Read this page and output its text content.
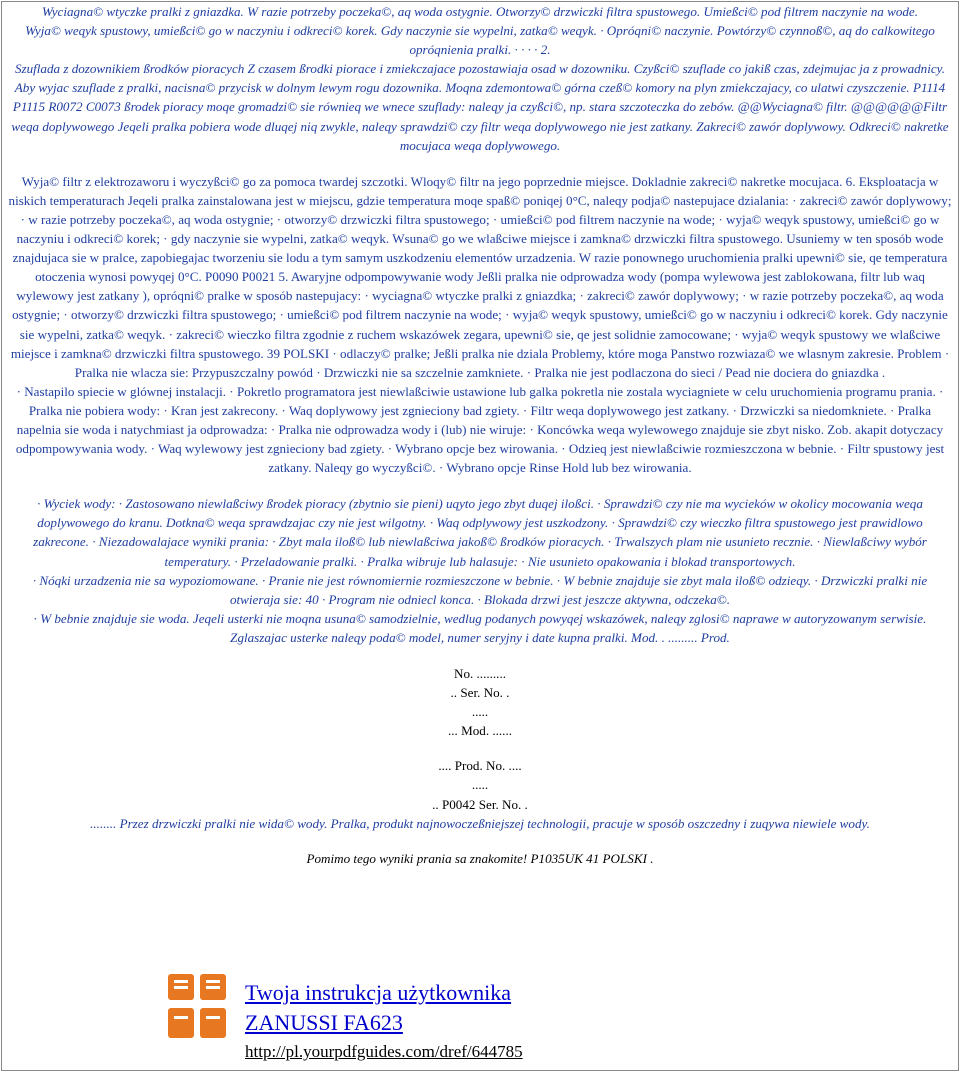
Wyciagna© wtyczke pralki z gniazdka. W razie potrzeby poczeka©, aq woda ostygnie. Otworzy© drzwiczki filtra spustowego. Umießci© pod filtrem naczynie na wode.

Wyja© weqyk spustowy, umießci© go w naczyniu i odkreci© korek. Gdy naczynie sie wypelni, zatka© weqyk. · Opróqni© naczynie. Powtórzy© czynnoß©, aq do calkowitego opróqnienia pralki. · · · · 2.

Szuflada z dozownikiem ßrodków pioracych Z czasem ßrodki piorace i zmiekczajace pozostawiaja osad w dozowniku. Czyßci© szuflade co jakiß czas, zdejmujac ja z prowadnicy. Aby wyjac szuflade z pralki, nacisna© przycisk w dolnym lewym rogu dozownika. Moqna zdemontowa© górna czeß© komory na plyn zmiekczajacy, co ulatwi czyszczenie. P1114 P1115 R0072 C0073 ßrodek pioracy moqe gromadzi© sie równieq we wnece szuflady: naleqy ja czyßci©, np. stara szczoteczka do zebów. @@Wyciagna© filtr. @@@@@@Filtr weqa doplywowego Jeqeli pralka pobiera wode dluqej niq zwykle, naleqy sprawdzi© czy filtr weqa doplywowego nie jest zatkany. Zakreci© zawór doplywowy. Odkreci© nakretke mocujaca weqa doplywowego.

Wyja© filtr z elektrozaworu i wyczyßci© go za pomoca twardej szczotki. Wloqy© filtr na jego poprzednie miejsce. Dokladnie zakreci© nakretke mocujaca. 6. Eksploatacja w niskich temperaturach Jeqeli pralka zainstalowana jest w miejscu, gdzie temperatura moqe spaß© poniqej 0°C, naleqy podja© nastepujace dzialania: · zakreci© zawór doplywowy; · w razie potrzeby poczeka©, aq woda ostygnie; · otworzy© drzwiczki filtra spustowego; · umießci© pod filtrem naczynie na wode; · wyja© weqyk spustowy, umießci© go w naczyniu i odkreci© korek; · gdy naczynie sie wypelni, zatka© weqyk. Wsuna© go we wlaßciwe miejsce i zamkna© drzwiczki filtra spustowego. Usuniemy w ten sposób wode znajdujaca sie w pralce, zapobiegajac tworzeniu sie lodu a tym samym uszkodzeniu elementów urzadzenia. W razie ponownego uruchomienia pralki upewni© sie, qe temperatura otoczenia wynosi powyqej 0°C. P0090 P0021 5. Awaryjne odpompowywanie wody Jeßli pralka nie odprowadza wody (pompa wylewowa jest zablokowana, filtr lub waq wylewowy jest zatkany ), opróqni© pralke w sposób nastepujacy: · wyciagna© wtyczke pralki z gniazdka; · zakreci© zawór doplywowy; · w razie potrzeby poczeka©, aq woda ostygnie; · otworzy© drzwiczki filtra spustowego; · umießci© pod filtrem naczynie na wode; · wyja© weqyk spustowy, umießci© go w naczyniu i odkreci© korek. Gdy naczynie sie wypelni, zatka© weqyk. · zakreci© wieczko filtra zgodnie z ruchem wskazówek zegara, upewni© sie, qe jest solidnie zamocowane; · wyja© weqyk spustowy we wlaßciwe miejsce i zamkna© drzwiczki filtra spustowego. 39 POLSKI · odlaczy© pralke; Jeßli pralka nie dziala Problemy, które moga Panstwo rozwiaza© we wlasnym zakresie. Problem · Pralka nie wlacza sie: Przypuszczalny powód · Drzwiczki nie sa szczelnie zamkniete. · Pralka nie jest podlaczona do sieci / Pead nie dociera do gniazdka .

· Nastapilo spiecie w glównej instalacji. · Pokretlo programatora jest niewlaßciwie ustawione lub galka pokretla nie zostala wyciagniete w celu uruchomienia programu prania. · Pralka nie pobiera wody: · Kran jest zakrecony. · Waq doplywowy jest zgnieciony bad zgiety. · Filtr weqa doplywowego jest zatkany. · Drzwiczki sa niedomkniete. · Pralka napelnia sie woda i natychmiast ja odprowadza: · Pralka nie odprowadza wody i (lub) nie wiruje: · Koncówka weqa wylewowego znajduje sie zbyt nisko. Zob. akapit dotyczacy odpompowywania wody. · Waq wylewowy jest zgnieciony bad zgiety. · Wybrano opcje bez wirowania. · Odzieq jest niewlaßciwie rozmieszczona w bebnie. · Filtr spustowy jest zatkany. Naleqy go wyczyßci©. · Wybrano opcje Rinse Hold lub bez wirowania.

· Wyciek wody: · Zastosowano niewlaßciwy ßrodek pioracy (zbytnio sie pieni) uqyto jego zbyt duqej iloßci. · Sprawdzi© czy nie ma wycieków w okolicy mocowania weqa doplywowego do kranu. Dotkna© weqa sprawdzajac czy nie jest wilgotny. · Waq odplywowy jest uszkodzony. · Sprawdzi© czy wieczko filtra spustowego jest prawidlowo zakrecone. · Niezadowalajace wyniki prania: · Zbyt mala iloß© lub niewlaßciwa jakoß© ßrodków pioracych. · Trwalszych plam nie usunieto recznie. · Niewlaßciwy wybór temperatury. · Przeladowanie pralki. · Pralka wibruje lub halasuje: · Nie usunieto opakowania i blokad transportowych.

· Nóqki urzadzenia nie sa wypoziomowane. · Pranie nie jest równomiernie rozmieszczone w bebnie. · W bebnie znajduje sie zbyt mala iloß© odzieqy. · Drzwiczki pralki nie otwieraja sie: 40 · Program nie odniecl konca. · Blokada drzwi jest jeszcze aktywna, odczeka©.

· W bebnie znajduje sie woda. Jeqeli usterki nie moqna usuna© samodzielnie, wedlug podanych powyqej wskazówek, naleqy zglosi© naprawe w autoryzowanym serwisie. Zglaszajac usterke naleqy poda© model, numer seryjny i date kupna pralki. Mod. . ......... Prod.

No. .........

.. Ser. No. .

.....

... Mod. ......

.... Prod. No. ....

.....

.. P0042 Ser. No. .

........ Przez drzwiczki pralki nie wida© wody. Pralka, produkt najnowoczeßniejszej technologii, pracuje w sposób oszczedny i zuqywa niewiele wody.

Pomimo tego wyniki prania sa znakomite! P1035UK 41 POLSKI .

Twoja instrukcja użytkownika
ZANUSSI FA623
http://pl.yourpdfguides.com/dref/644785
